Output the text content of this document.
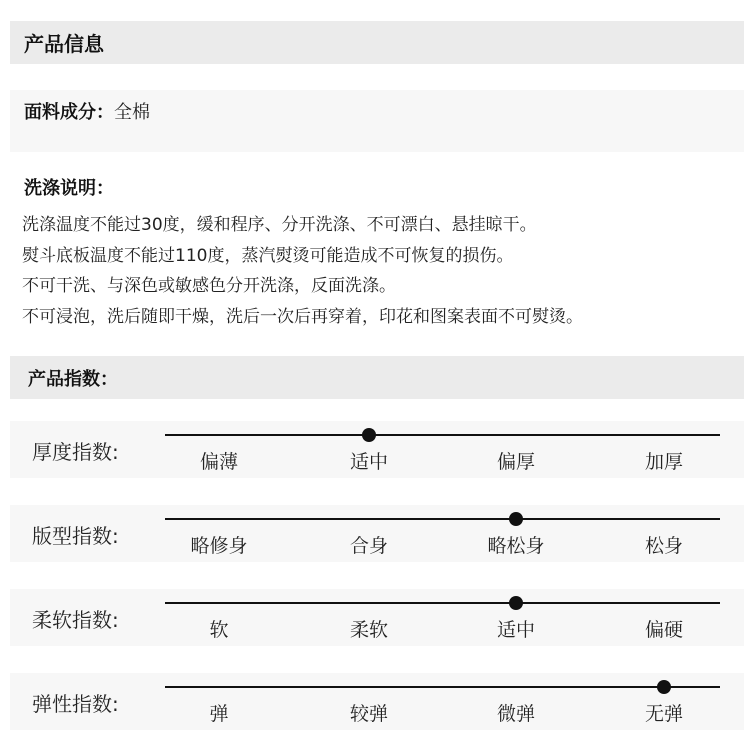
产品信息
面料成分：全棉
洗涤说明：
洗涤温度不能过30度，缓和程序、分开洗涤、不可漂白、悬挂晾干。
熨斗底板温度不能过110度，蒸汽熨烫可能造成不可恢复的损伤。
不可干洗、与深色或敏感色分开洗涤，反面洗涤。
不可浸泡，洗后随即干燥，洗后一次后再穿着，印花和图案表面不可熨烫。
产品指数：
厚度指数:	偏薄	适中	偏厚	加厚
版型指数:	略修身	合身	略松身	松身
柔软指数:	软	柔软	适中	偏硬
弹性指数:	弹	较弹	微弹	无弹
